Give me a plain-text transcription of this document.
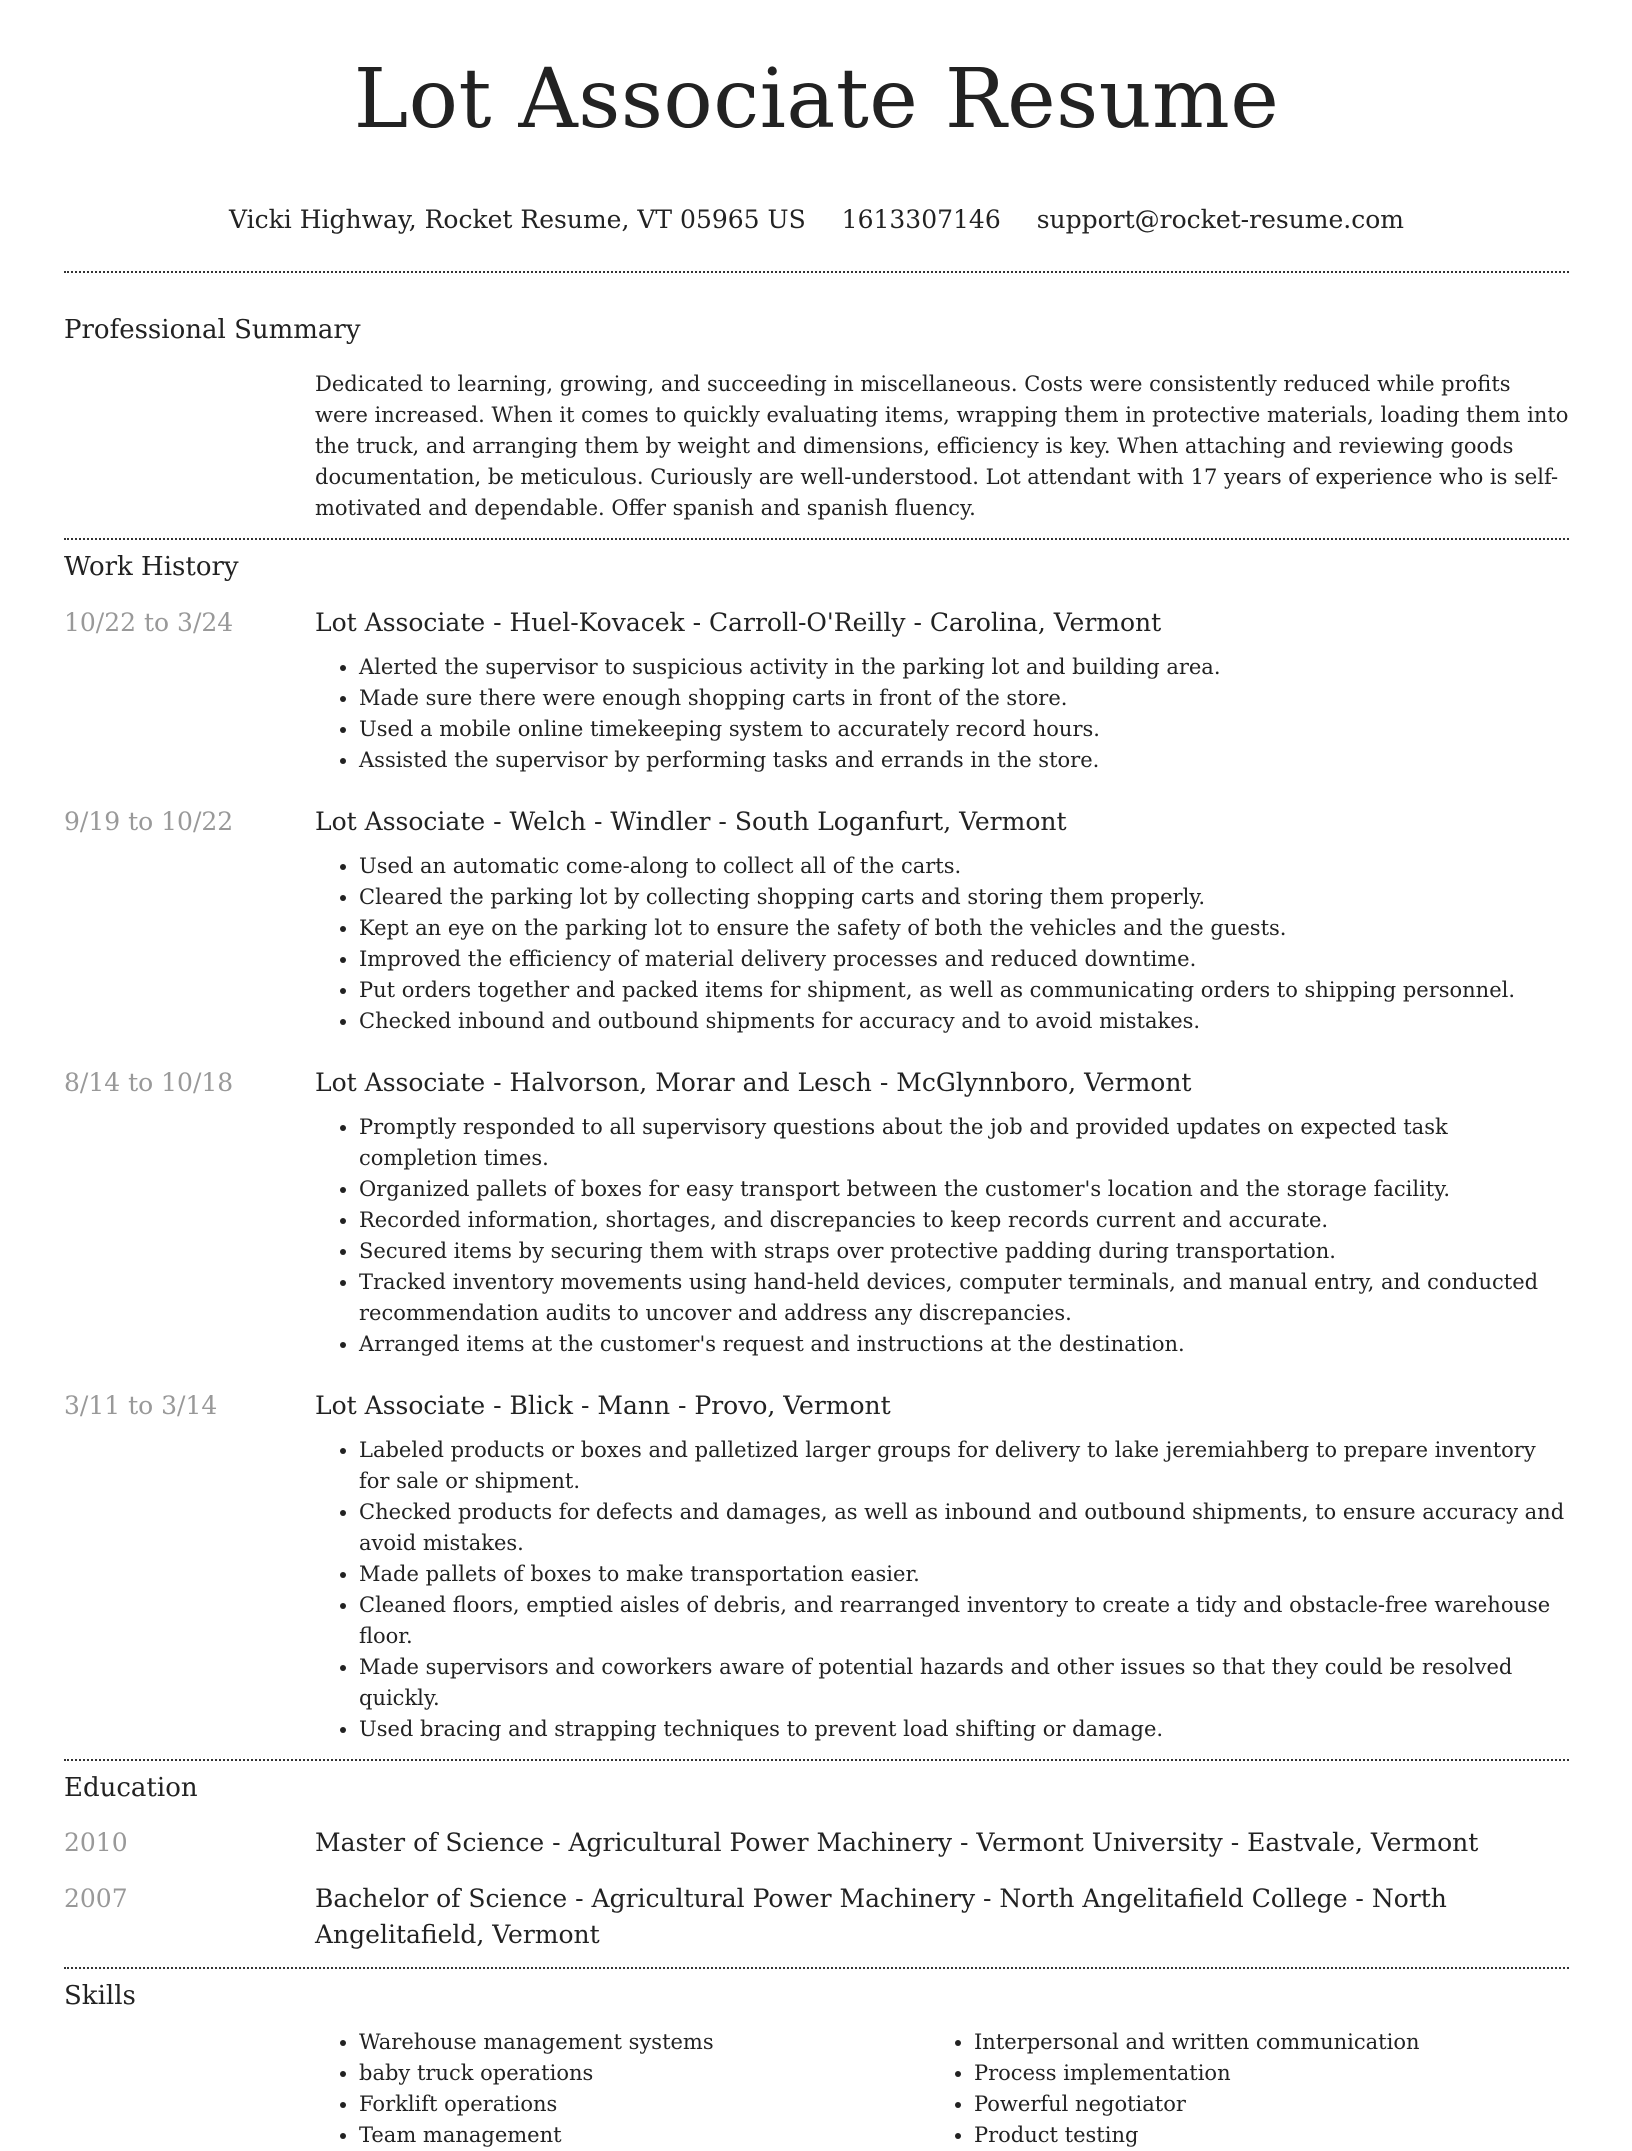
Lot Associate Resume
Vicki Highway, Rocket Resume, VT 05965 US 1613307146 support@rocket-resume.com
Professional Summary
Dedicated to learning, growing, and succeeding in miscellaneous. Costs were consistently reduced while profits were increased. When it comes to quickly evaluating items, wrapping them in protective materials, loading them into the truck, and arranging them by weight and dimensions, efficiency is key. When attaching and reviewing goods documentation, be meticulous. Curiously are well-understood. Lot attendant with 17 years of experience who is self-motivated and dependable. Offer spanish and spanish fluency.
Work History
10/22 to 3/24	Lot Associate - Huel-Kovacek - Carroll-O'Reilly - Carolina, Vermont
• Alerted the supervisor to suspicious activity in the parking lot and building area.
• Made sure there were enough shopping carts in front of the store.
• Used a mobile online timekeeping system to accurately record hours.
• Assisted the supervisor by performing tasks and errands in the store.
9/19 to 10/22	Lot Associate - Welch - Windler - South Loganfurt, Vermont
• Used an automatic come-along to collect all of the carts.
• Cleared the parking lot by collecting shopping carts and storing them properly.
• Kept an eye on the parking lot to ensure the safety of both the vehicles and the guests.
• Improved the efficiency of material delivery processes and reduced downtime.
• Put orders together and packed items for shipment, as well as communicating orders to shipping personnel.
• Checked inbound and outbound shipments for accuracy and to avoid mistakes.
8/14 to 10/18	Lot Associate - Halvorson, Morar and Lesch - McGlynnboro, Vermont
• Promptly responded to all supervisory questions about the job and provided updates on expected task completion times.
• Organized pallets of boxes for easy transport between the customer's location and the storage facility.
• Recorded information, shortages, and discrepancies to keep records current and accurate.
• Secured items by securing them with straps over protective padding during transportation.
• Tracked inventory movements using hand-held devices, computer terminals, and manual entry, and conducted recommendation audits to uncover and address any discrepancies.
• Arranged items at the customer's request and instructions at the destination.
3/11 to 3/14	Lot Associate - Blick - Mann - Provo, Vermont
• Labeled products or boxes and palletized larger groups for delivery to lake jeremiahberg to prepare inventory for sale or shipment.
• Checked products for defects and damages, as well as inbound and outbound shipments, to ensure accuracy and avoid mistakes.
• Made pallets of boxes to make transportation easier.
• Cleaned floors, emptied aisles of debris, and rearranged inventory to create a tidy and obstacle-free warehouse floor.
• Made supervisors and coworkers aware of potential hazards and other issues so that they could be resolved quickly.
• Used bracing and strapping techniques to prevent load shifting or damage.
Education
2010	Master of Science - Agricultural Power Machinery - Vermont University - Eastvale, Vermont
2007	Bachelor of Science - Agricultural Power Machinery - North Angelitafield College - North Angelitafield, Vermont
Skills
• Warehouse management systems
• baby truck operations
• Forklift operations
• Team management
• Interpersonal and written communication
• Process implementation
• Powerful negotiator
• Product testing
